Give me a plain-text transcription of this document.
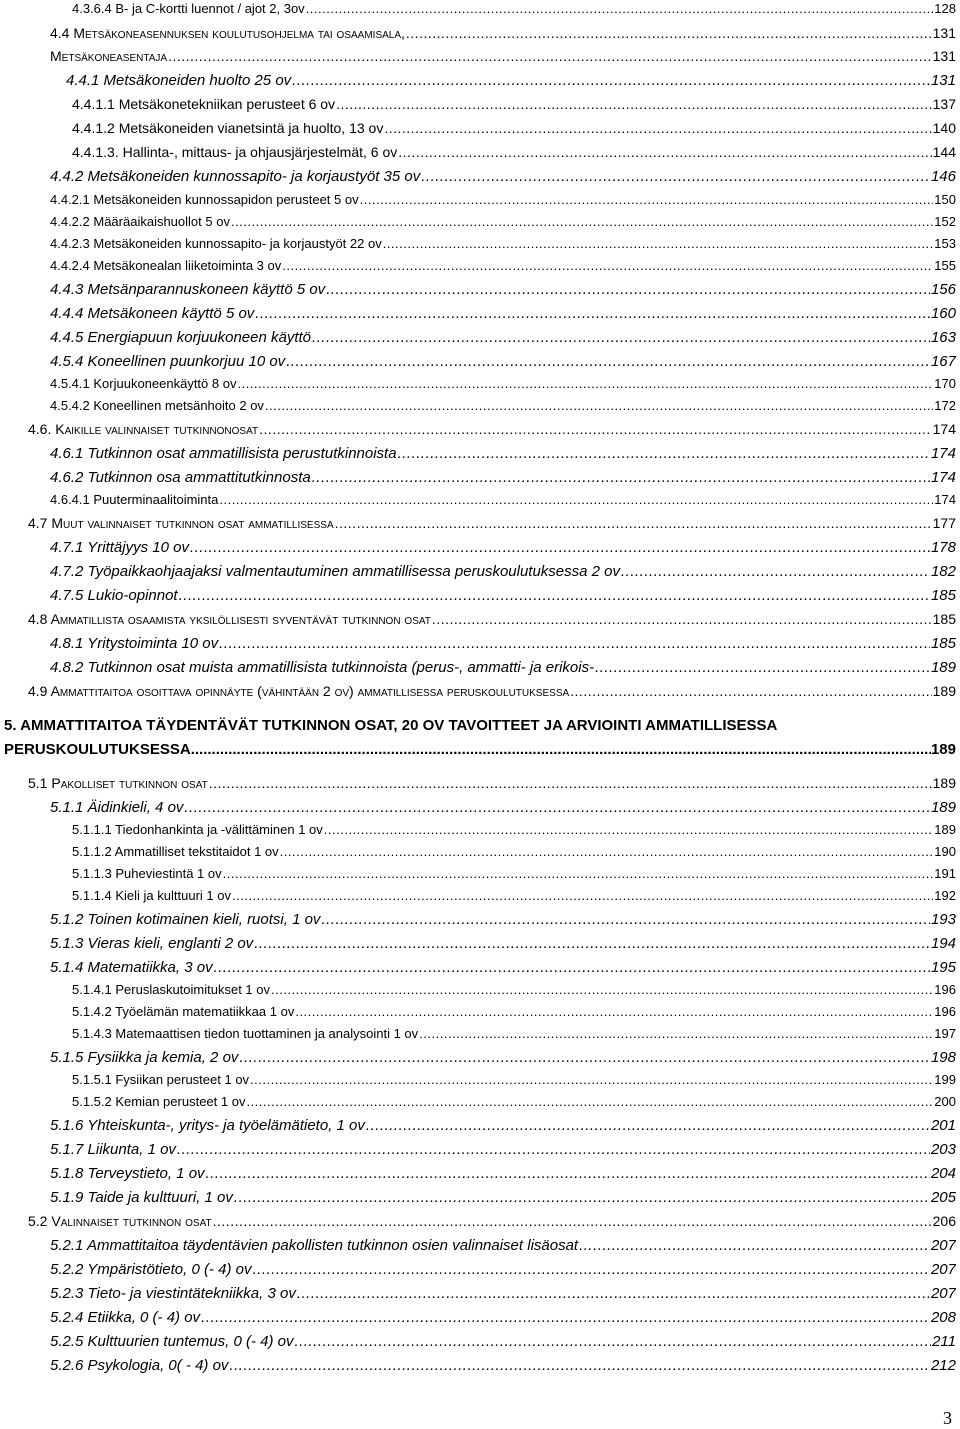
4.3.6.4 B- ja C-kortti luennot / ajot 2, 3ov .....	128
4.4 Metsäkoneasennuksen koulutusohjelma tai osaamisala, .....	131
Metsäkoneasentaja .....	131
4.4.1 Metsäkoneiden huolto 25 ov .....	131
4.4.1.1 Metsäkonetekniikan perusteet 6 ov .....	137
4.4.1.2 Metsäkoneiden vianetsintä ja huolto, 13 ov .....	140
4.4.1.3. Hallinta-, mittaus- ja ohjausjärjestelmät, 6 ov .....	144
4.4.2 Metsäkoneiden kunnossapito- ja korjaustyöt 35 ov .....	146
4.4.2.1 Metsäkoneiden kunnossapidon perusteet 5 ov .....	150
4.4.2.2 Määräaikaishuollot 5 ov .....	152
4.4.2.3 Metsäkoneiden kunnossapito- ja korjaustyöt 22 ov .....	153
4.4.2.4 Metsäkonealan liiketoiminta 3 ov .....	155
4.4.3 Metsänparannuskoneen käyttö 5 ov .....	156
4.4.4 Metsäkoneen käyttö 5 ov .....	160
4.4.5 Energiapuun korjuukoneen käyttö .....	163
4.5.4 Koneellinen puunkorjuu 10 ov .....	167
4.5.4.1 Korjuukoneenkäyttö 8 ov .....	170
4.5.4.2 Koneellinen metsänhoito 2 ov .....	172
4.6. Kaikille valinnaiset tutkinnonosat .....	174
4.6.1 Tutkinnon osat ammatillisista perustutkinnoista .....	174
4.6.2 Tutkinnon osa ammattitutkinnosta .....	174
4.6.4.1 Puuterminaalitoiminta .....	174
4.7 Muut valinnaiset tutkinnon osat ammatillisessa .....	177
4.7.1 Yrittäjyys 10 ov .....	178
4.7.2 Työpaikkaohjaajaksi valmentautuminen ammatillisessa peruskoulutuksessa 2 ov .....	182
4.7.5 Lukio-opinnot .....	185
4.8 Ammatillista osaamista yksilöllisesti syventävät tutkinnon osat .....	185
4.8.1 Yritystoiminta 10 ov .....	185
4.8.2 Tutkinnon osat muista ammatillisista tutkinnoista (perus-, ammatti- ja erikois- .....	189
4.9 Ammattitaitoa osoittava opinnäyte (vähintään 2 ov) ammatillisessa peruskoulutuksessa .....	189
5. AMMATTITAITOA TÄYDENTÄVÄT TUTKINNON OSAT, 20 OV TAVOITTEET JA ARVIOINTI AMMATILLISESSA
PERUSKOULUTUKSESSA .....	189
5.1 Pakolliset tutkinnon osat .....	189
5.1.1 Äidinkieli, 4 ov .....	189
5.1.1.1 Tiedonhankinta ja -välittäminen 1 ov .....	189
5.1.1.2 Ammatilliset tekstitaidot 1 ov .....	190
5.1.1.3 Puheviestintä 1 ov .....	191
5.1.1.4 Kieli ja kulttuuri 1 ov .....	192
5.1.2 Toinen kotimainen kieli, ruotsi, 1 ov .....	193
5.1.3 Vieras kieli, englanti 2 ov .....	194
5.1.4 Matematiikka, 3 ov .....	195
5.1.4.1 Peruslaskutoimitukset 1 ov .....	196
5.1.4.2 Työelämän matematiikkaa 1 ov .....	196
5.1.4.3 Matemaattisen tiedon tuottaminen ja analysointi 1 ov .....	197
5.1.5 Fysiikka ja kemia, 2 ov .....	198
5.1.5.1 Fysiikan perusteet 1 ov .....	199
5.1.5.2 Kemian perusteet 1 ov .....	200
5.1.6 Yhteiskunta-, yritys- ja työelämätieto, 1 ov .....	201
5.1.7 Liikunta, 1 ov .....	203
5.1.8 Terveystieto, 1 ov .....	204
5.1.9 Taide ja kulttuuri, 1 ov .....	205
5.2 Valinnaiset tutkinnon osat .....	206
5.2.1 Ammattitaitoa täydentävien pakollisten tutkinnon osien valinnaiset lisäosat .....	207
5.2.2 Ympäristötieto, 0 (- 4) ov .....	207
5.2.3 Tieto- ja viestintätekniikka, 3 ov .....	207
5.2.4 Etiikka, 0 (- 4) ov .....	208
5.2.5 Kulttuurien tuntemus, 0 (- 4) ov .....	211
5.2.6 Psykologia, 0( - 4) ov .....	212
3
